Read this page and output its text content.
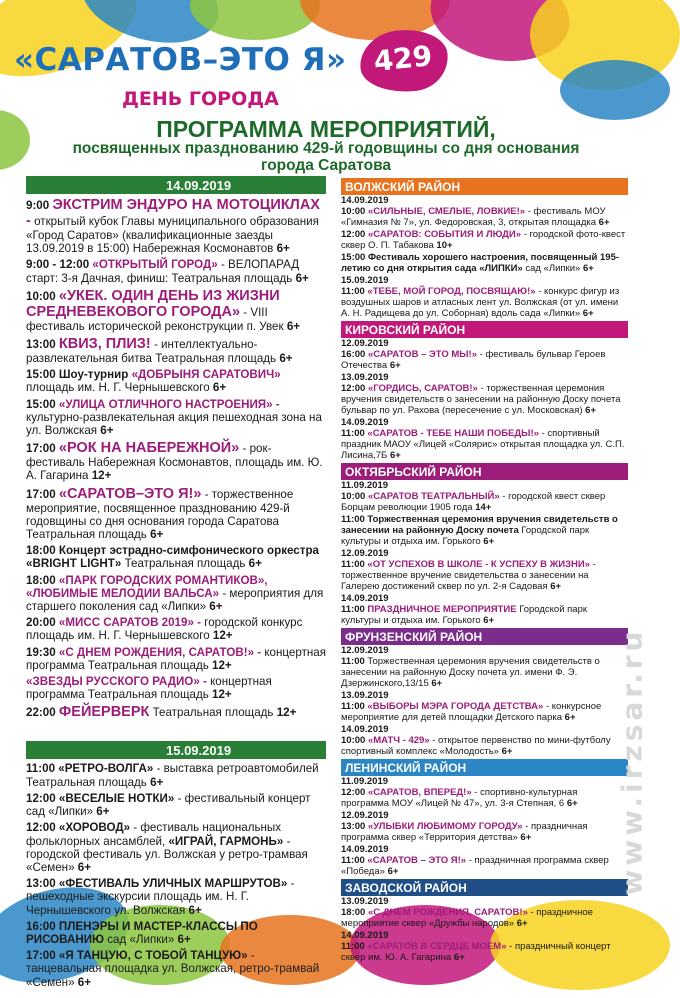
«САРАТОВ–ЭТО Я» 429
ДЕНЬ ГОРОДА
ПРОГРАММА МЕРОПРИЯТИЙ,
посвященных празднованию 429-й годовщины со дня основания
города Саратова
14.09.2019
9:00 ЭКСТРИМ ЭНДУРО НА МОТОЦИКЛАХ - открытый кубок Главы муниципального образования «Город Саратов» (квалификационные заезды 13.09.2019 в 15:00) Набережная Космонавтов 6+
9:00 - 12:00 «ОТКРЫТЫЙ ГОРОД» - ВЕЛОПАРАД старт: 3-я Дачная, финиш: Театральная площадь 6+
10:00 «УКЕК. ОДИН ДЕНЬ ИЗ ЖИЗНИ СРЕДНЕВЕКОВОГО ГОРОДА» - VIII фестиваль исторической реконструкции п. Увек 6+
13:00 КВИЗ, ПЛИЗ! - интеллектуально-развлекательная битва Театральная площадь 6+
15:00 Шоу-турнир «ДОБРЫНЯ САРАТОВИЧ» площадь им. Н. Г. Чернышевского 6+
15:00 «УЛИЦА ОТЛИЧНОГО НАСТРОЕНИЯ» - культурно-развлекательная акция пешеходная зона на ул. Волжская 6+
17:00 «РОК НА НАБЕРЕЖНОЙ» - рок-фестиваль Набережная Космонавтов, площадь им. Ю. А. Гагарина 12+
17:00 «САРАТОВ–ЭТО Я!» - торжественное мероприятие, посвященное празднованию 429-й годовщины со дня основания города Саратова Театральная площадь 6+
18:00 Концерт эстрадно-симфонического оркестра «BRIGHT LIGHT» Театральная площадь 6+
18:00 «ПАРК ГОРОДСКИХ РОМАНТИКОВ», «ЛЮБИМЫЕ МЕЛОДИИ ВАЛЬСА» - мероприятия для старшего поколения сад «Липки» 6+
20:00 «МИСС САРАТОВ 2019» - городской конкурс площадь им. Н. Г. Чернышевского 12+
19:30 «С ДНЕМ РОЖДЕНИЯ, САРАТОВ!» - концертная программа Театральная площадь 12+
«ЗВЕЗДЫ РУССКОГО РАДИО» - концертная программа Театральная площадь 12+
22:00 ФЕЙЕРВЕРК Театральная площадь 12+
15.09.2019
11:00 «РЕТРО-ВОЛГА» - выставка ретроавтомобилей Театральная площадь 6+
12:00 «ВЕСЕЛЫЕ НОТКИ» - фестивальный концерт сад «Липки» 6+
12:00 «ХОРОВОД» - фестиваль национальных фольклорных ансамблей, «ИГРАЙ, ГАРМОНЬ» - городской фестиваль ул. Волжская у ретро-трамвая «Семен» 6+
13:00 «ФЕСТИВАЛЬ УЛИЧНЫХ МАРШРУТОВ» - пешеходные экскурсии площадь им. Н. Г. Чернышевского ул. Волжская 6+
16:00 ПЛЕНЭРЫ И МАСТЕР-КЛАССЫ ПО РИСОВАНИЮ сад «Липки» 6+
17:00 «Я ТАНЦУЮ, С ТОБОЙ ТАНЦУЮ» - танцевальная площадка ул. Волжская, ретро-трамвай «Семен» 6+
ВОЛЖСКИЙ РАЙОН
14.09.2019
10:00 «СИЛЬНЫЕ, СМЕЛЫЕ, ЛОВКИЕ!» - фестиваль МОУ «Гимназия № 7», ул. Федоровская, 3, открытая площадка 6+
12:00 «САРАТОВ: СОБЫТИЯ И ЛЮДИ» - городской фото-квест сквер О. П. Табакова 10+
15:00 Фестиваль хорошего настроения, посвященный 195-летию со дня открытия сада «ЛИПКИ» сад «Липки» 6+
15.09.2019
11:00 «ТЕБЕ, МОЙ ГОРОД, ПОСВЯЩАЮ!» - конкурс фигур из воздушных шаров и атласных лент ул. Волжская (от ул. имени А. Н. Радищева до ул. Соборная) вдоль сада «Липки» 6+
КИРОВСКИЙ РАЙОН
12.09.2019
16:00 «САРАТОВ – ЭТО МЫ!» - фестиваль бульвар Героев Отечества 6+
13.09.2019
12:00 «ГОРДИСЬ, САРАТОВ!» - торжественная церемония вручения свидетельств о занесении на районную Доску почета бульвар по ул. Рахова (пересечение с ул. Московская) 6+
14.09.2019
11:00 «САРАТОВ - ТЕБЕ НАШИ ПОБЕДЫ!» - спортивный праздник МАОУ «Лицей «Солярис» открытая площадка ул. С.П. Лисина,7Б 6+
ОКТЯБРЬСКИЙ РАЙОН
11.09.2019
10:00 «САРАТОВ ТЕАТРАЛЬНЫЙ» - городской квест сквер Борцам революции 1905 года 14+
11:00 Торжественная церемония вручения свидетельств о занесении на районную Доску почета Городской парк культуры и отдыха им. Горького 6+
12.09.2019
11:00 «ОТ УСПЕХОВ В ШКОЛЕ - К УСПЕХУ В ЖИЗНИ» - торжественное вручение свидетельства о занесении на Галерею достижений сквер по ул. 2-я Садовая 6+
14.09.2019
11:00 ПРАЗДНИЧНОЕ МЕРОПРИЯТИЕ Городской парк культуры и отдыха им. Горького 6+
ФРУНЗЕНСКИЙ РАЙОН
12.09.2019
11:00 Торжественная церемония вручения свидетельств о занесении на районную Доску почета ул. имени Ф. Э. Дзержинского,13/15 6+
13.09.2019
11:00 «ВЫБОРЫ МЭРА ГОРОДА ДЕТСТВА» - конкурсное мероприятие для детей площадки Детского парка 6+
14.09.2019
10:00 «МАТЧ - 429» - открытое первенство по мини-футболу спортивный комплекс «Молодость» 6+
ЛЕНИНСКИЙ РАЙОН
11.09.2019
12:00 «САРАТОВ, ВПЕРЕД!» - спортивно-культурная программа МОУ «Лицей № 47», ул. 3-я Степная, 6 6+
12.09.2019
13:00 «УЛЫБКИ ЛЮБИМОМУ ГОРОДУ» - праздничная программа сквер «Территория детства» 6+
14.09.2019
11:00 «САРАТОВ – ЭТО Я!» - праздничная программа сквер «Победа» 6+
ЗАВОДСКОЙ РАЙОН
13.09.2019
18:00 «С ДНЕМ РОЖДЕНИЯ, САРАТОВ!» - праздничное мероприятие сквер «Дружбы народов» 6+
14.09.2019
11:00 «САРАТОВ В СЕРДЦЕ МОЕМ» - праздничный концерт сквер им. Ю. А. Гагарина 6+
www.irzsar.ru
